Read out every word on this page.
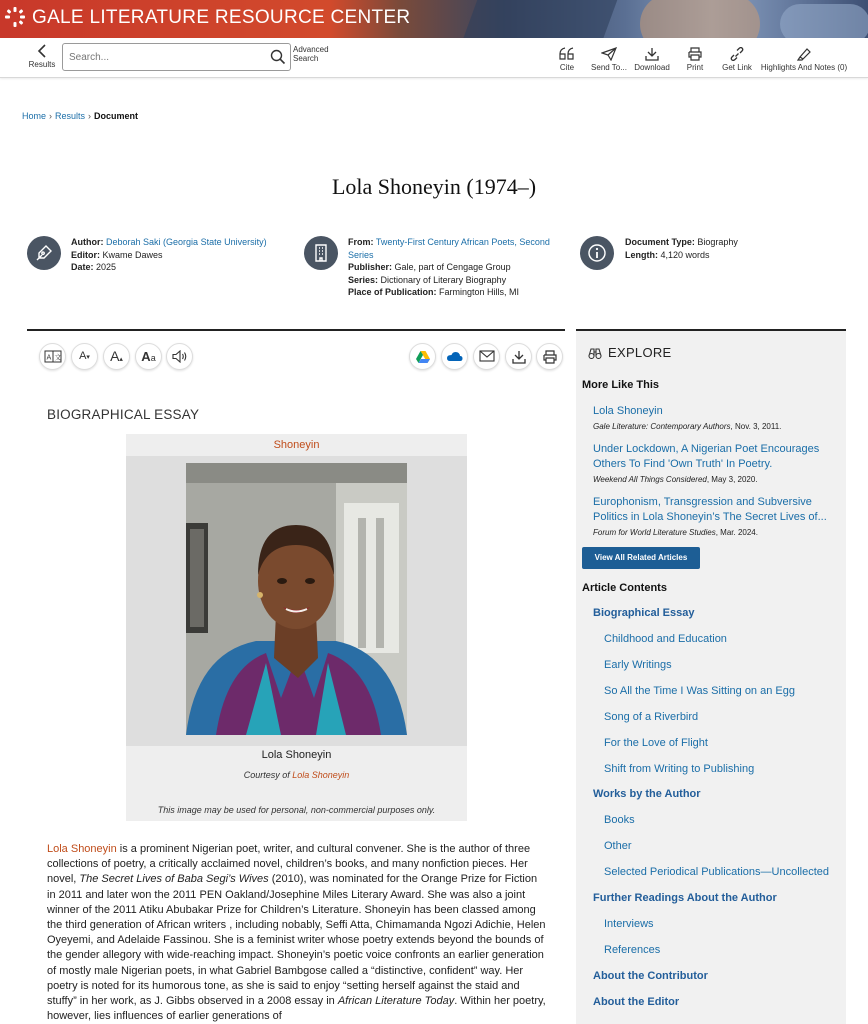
GALE LITERATURE RESOURCE CENTER
Results
Search...
Advanced
Search
Cite	Send To... Download	Print	Get Link Highlights And Notes (0)
Home › Results › Document
Lola Shoneyin (1974–)
Author: Deborah Saki (Georgia State University)
Editor: Kwame Dawes
Date: 2025
From: Twenty-First Century African Poets, Second
Series
Publisher: Gale, part of Cengage Group
Series: Dictionary of Literary Biography
Place of Publication: Farmington Hills, MI
Document Type: Biography
Length: 4,120 words
A 文	A▾	A▴	Aa
BIOGRAPHICAL ESSAY
Shoneyin
Lola Shoneyin
Courtesy of Lola Shoneyin
This image may be used for personal, non-commercial purposes only.
Lola Shoneyin is a prominent Nigerian poet, writer, and cultural convener. She is the author of three collections of poetry, a critically acclaimed novel, children’s books, and many nonfiction pieces. Her novel, The Secret Lives of Baba Segi’s Wives (2010), was nominated for the Orange Prize for Fiction in 2011 and later won the 2011 PEN Oakland/Josephine Miles Literary Award. She was also a joint winner of the 2011 Atiku Abubakar Prize for Children’s Literature. Shoneyin has been classed among the third generation of African writers , including nobably, Seffi Atta, Chimamanda Ngozi Adichie, Helen Oyeyemi, and Adelaide Fassinou. She is a feminist writer whose poetry extends beyond the bounds of the gender allegory with wide-reaching impact. Shoneyin’s poetic voice confronts an earlier generation of mostly male Nigerian poets, in what Gabriel Bambgose called a “distinctive, confident” way. Her poetry is noted for its humorous tone, as she is said to enjoy “setting herself against the staid and stuffy” in her work, as J. Gibbs observed in a 2008 essay in African Literature Today. Within her poetry, however, lies influences of earlier generations of
EXPLORE
More Like This
Lola Shoneyin
Gale Literature: Contemporary Authors, Nov. 3, 2011.
Under Lockdown, A Nigerian Poet Encourages Others To Find 'Own Truth' In Poetry.
Weekend All Things Considered, May 3, 2020.
Europhonism, Transgression and Subversive Politics in Lola Shoneyin’s The Secret Lives of...
Forum for World Literature Studies, Mar. 2024.
View All Related Articles
Article Contents
Biographical Essay
Childhood and Education
Early Writings
So All the Time I Was Sitting on an Egg
Song of a Riverbird
For the Love of Flight
Shift from Writing to Publishing
Works by the Author
Books
Other
Selected Periodical Publications—Uncollected
Further Readings About the Author
Interviews
References
About the Contributor
About the Editor
